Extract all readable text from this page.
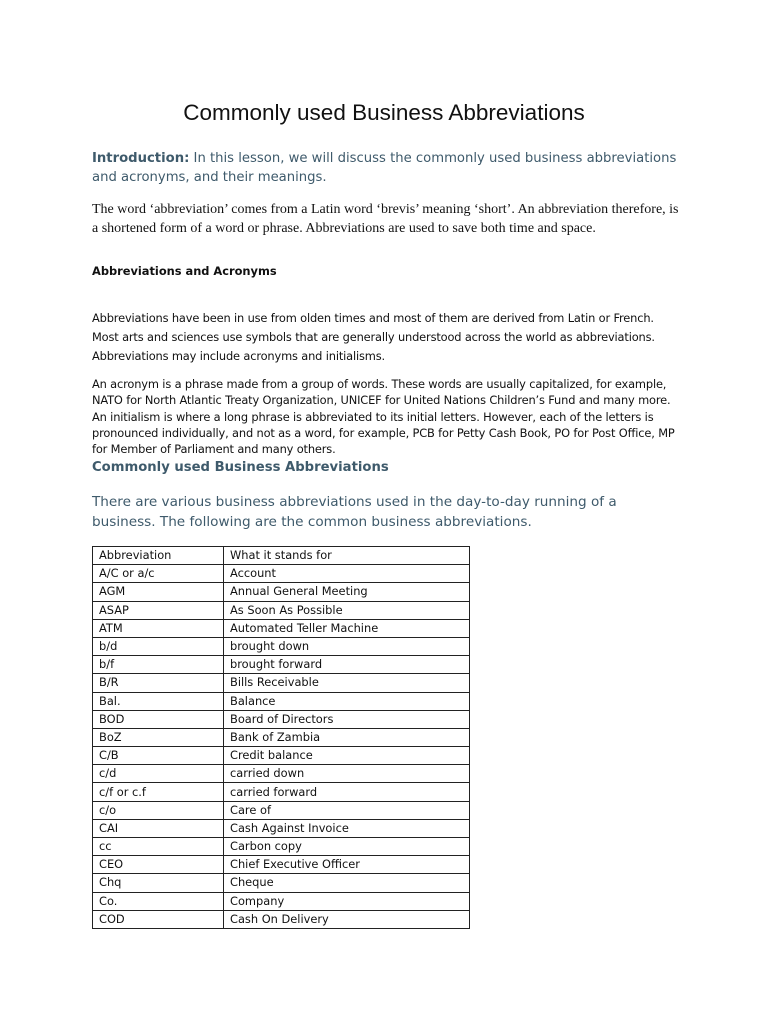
Commonly used Business Abbreviations
Introduction: In this lesson, we will discuss the commonly used business abbreviations and acronyms, and their meanings.
The word ‘abbreviation’ comes from a Latin word ‘brevis’ meaning ‘short’. An abbreviation therefore, is a shortened form of a word or phrase. Abbreviations are used to save both time and space.
Abbreviations and Acronyms
Abbreviations have been in use from olden times and most of them are derived from Latin or French. Most arts and sciences use symbols that are generally understood across the world as abbreviations. Abbreviations may include acronyms and initialisms.
An acronym is a phrase made from a group of words. These words are usually capitalized, for example, NATO for North Atlantic Treaty Organization, UNICEF for United Nations Children’s Fund and many more. An initialism is where a long phrase is abbreviated to its initial letters. However, each of the letters is pronounced individually, and not as a word, for example, PCB for Petty Cash Book, PO for Post Office, MP for Member of Parliament and many others.
Commonly used Business Abbreviations
There are various business abbreviations used in the day-to-day running of a business. The following are the common business abbreviations.
Abbreviation	What it stands for
A/C or a/c	Account
AGM	Annual General Meeting
ASAP	As Soon As Possible
ATM	Automated Teller Machine
b/d	brought down
b/f	brought forward
B/R	Bills Receivable
Bal.	Balance
BOD	Board of Directors
BoZ	Bank of Zambia
C/B	Credit balance
c/d	carried down
c/f or c.f	carried forward
c/o	Care of
CAI	Cash Against Invoice
cc	Carbon copy
CEO	Chief Executive Officer
Chq	Cheque
Co.	Company
COD	Cash On Delivery
